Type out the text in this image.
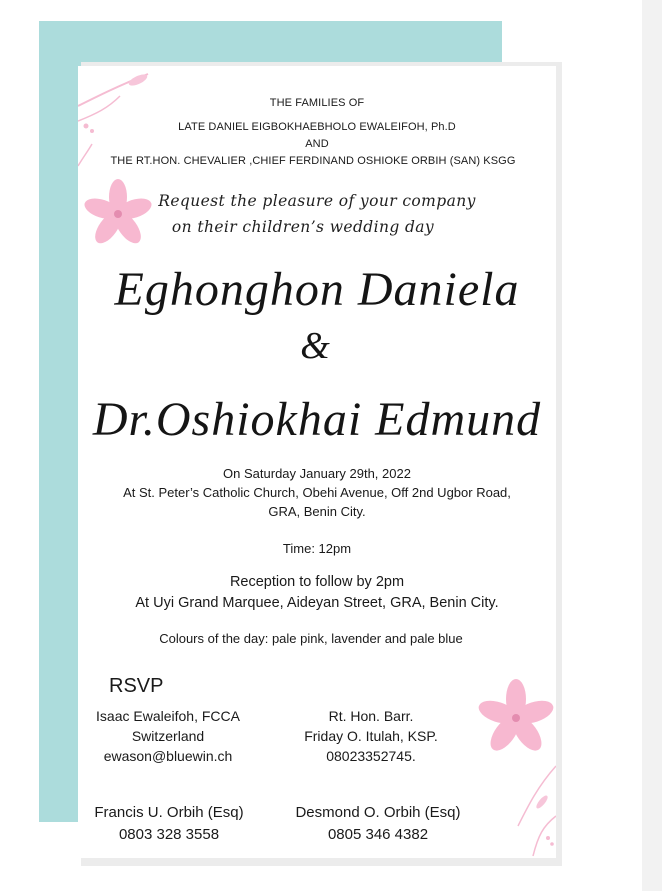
THE FAMILIES OF
LATE DANIEL EIGBOKHAEBHOLO EWALEIFOH, Ph.D
AND
THE RT.HON. CHEVALIER ,CHIEF FERDINAND OSHIOKE ORBIH (SAN) KSGG
Request the pleasure of your company
on their children’s wedding day
Eghonghon Daniela
&
Dr.Oshiokhai Edmund
On Saturday January 29th, 2022
At St. Peter’s Catholic Church, Obehi Avenue, Off 2nd Ugbor Road,
GRA, Benin City.
Time: 12pm
Reception to follow by 2pm
At Uyi Grand Marquee, Aideyan Street, GRA, Benin City.
Colours of the day: pale pink, lavender and pale blue
RSVP
Isaac Ewaleifoh, FCCA
Switzerland
ewason@bluewin.ch
Rt. Hon. Barr.
Friday O. Itulah, KSP.
08023352745.
Francis U. Orbih (Esq)
0803 328 3558
Desmond O. Orbih (Esq)
0805 346 4382
